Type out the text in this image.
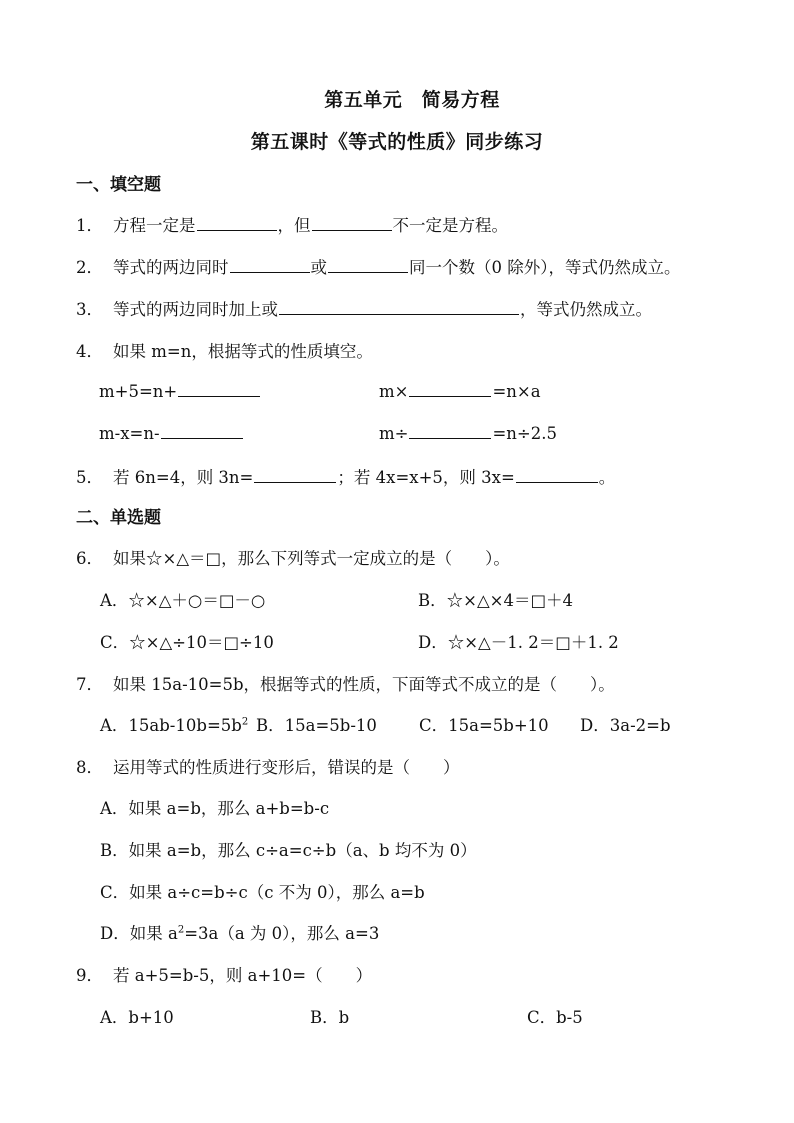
第五单元　简易方程
第五课时《等式的性质》同步练习
一、填空题
1． 方程一定是	，但	不一定是方程。
2． 等式的两边同时	或	同一个数（0 除外），等式仍然成立。
3． 等式的两边同时加上或	，等式仍然成立。
4． 如果 m=n，根据等式的性质填空。
m+5=n+	m×	=n×a
m-x=n-	m÷	=n÷2.5
5． 若 6n=4，则 3n=	；若 4x=x+5，则 3x=	。
二、单选题
6． 如果☆×△＝□，那么下列等式一定成立的是（　　）。
A．☆×△＋○＝□－○	B．☆×△×4＝□＋4
C．☆×△÷10＝□÷10	D．☆×△－1. 2＝□＋1. 2
7． 如果 15a-10=5b，根据等式的性质，下面等式不成立的是（　　）。
A．$15ab-10b=5b^2$ B．15a=5b-10	C．15a=5b+10 D．3a-2=b
8． 运用等式的性质进行变形后，错误的是（　　）
A．如果 a=b，那么 a+b=b-c
B．如果 a=b，那么 c÷a=c÷b（a、b 均不为 0）
C．如果 a÷c=b÷c（c 不为 0），那么 a=b
D．如果 $a^2=3a(a$ 为 0），那么 a=3
9． 若 a+5=b-5，则 a+10=（　　）
A．b+10	B．b	C．b-5
